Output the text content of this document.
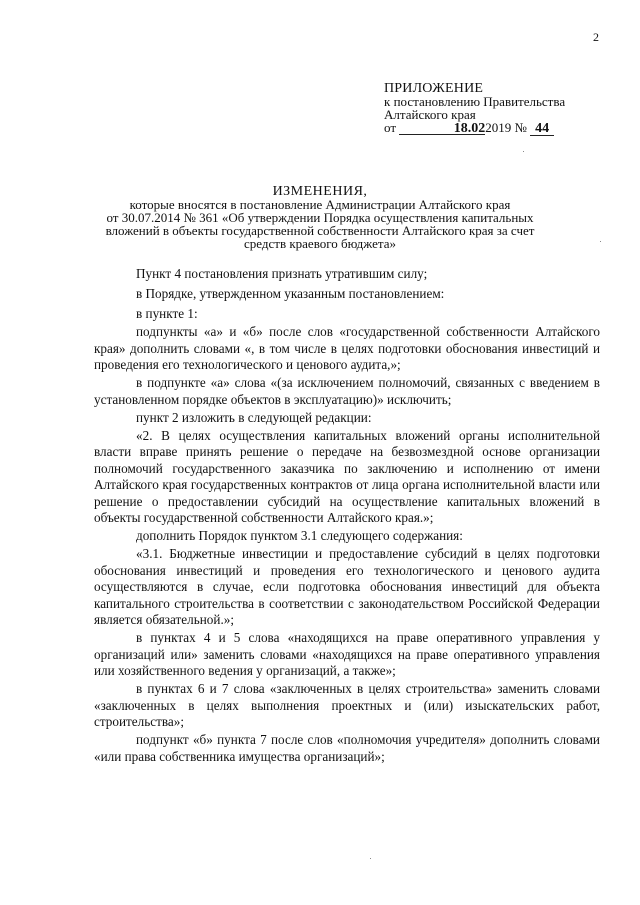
2
ПРИЛОЖЕНИЕ
к постановлению Правительства
Алтайского края
от	18.022019 № 44
ИЗМЕНЕНИЯ,
которые вносятся в постановление Администрации Алтайского края
от 30.07.2014 № 361 «Об утверждении Порядка осуществления капитальных
вложений в объекты государственной собственности Алтайского края за счет
средств краевого бюджета»

Пункт 4 постановления признать утратившим силу;

в Порядке, утвержденном указанным постановлением:

в пункте 1:

подпункты «а» и «б» после слов «государственной собственности Алтайского края» дополнить словами «, в том числе в целях подготовки обоснования инвестиций и проведения его технологического и ценового аудита,»;

в подпункте «а» слова «(за исключением полномочий, связанных с введением в установленном порядке объектов в эксплуатацию)» исключить;

пункт 2 изложить в следующей редакции:

«2. В целях осуществления капитальных вложений органы исполнительной власти вправе принять решение о передаче на безвозмездной основе организации полномочий государственного заказчика по заключению и исполнению от имени Алтайского края государственных контрактов от лица органа исполнительной власти или решение о предоставлении субсидий на осуществление капитальных вложений в объекты государственной собственности Алтайского края.»;

дополнить Порядок пунктом 3.1 следующего содержания:

«3.1. Бюджетные инвестиции и предоставление субсидий в целях подготовки обоснования инвестиций и проведения его технологического и ценового аудита осуществляются в случае, если подготовка обоснования инвестиций для объекта капитального строительства в соответствии с законодательством Российской Федерации является обязательной.»;

в пунктах 4 и 5 слова «находящихся на праве оперативного управления у организаций или» заменить словами «находящихся на праве оперативного управления или хозяйственного ведения у организаций, а также»;

в пунктах 6 и 7 слова «заключенных в целях строительства» заменить словами «заключенных в целях выполнения проектных и (или) изыскательских работ, строительства»;

подпункт «б» пункта 7 после слов «полномочия учредителя» дополнить словами «или права собственника имущества организаций»;
